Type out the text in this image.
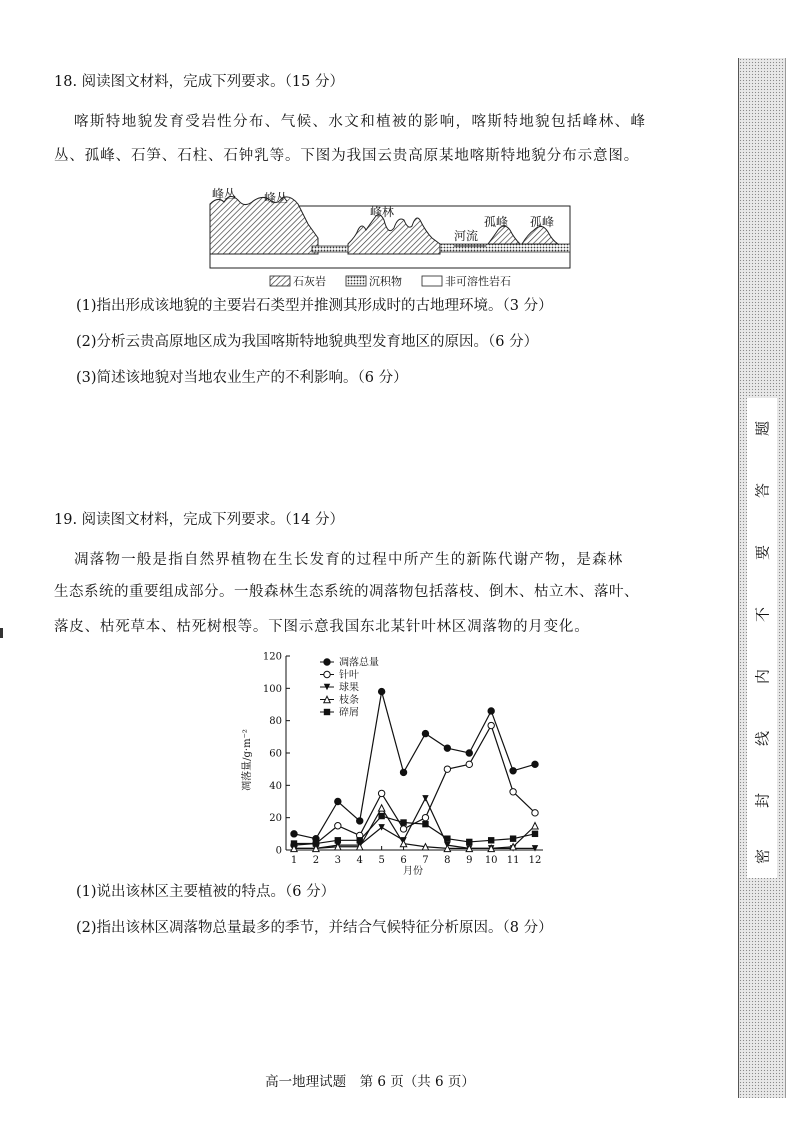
18. 阅读图文材料，完成下列要求。（15 分）
喀斯特地貌发育受岩性分布、气候、水文和植被的影响，喀斯特地貌包括峰林、峰
丛、孤峰、石笋、石柱、石钟乳等。下图为我国云贵高原某地喀斯特地貌分布示意图。
峰丛 峰丛
峰林
河流
孤峰 孤峰
石灰岩	沉积物	非可溶性岩石
(1)指出形成该地貌的主要岩石类型并推测其形成时的古地理环境。（3 分）
(2)分析云贵高原地区成为我国喀斯特地貌典型发育地区的原因。（6 分）
(3)简述该地貌对当地农业生产的不利影响。（6 分）
19. 阅读图文材料，完成下列要求。（14 分）
凋落物一般是指自然界植物在生长发育的过程中所产生的新陈代谢产物，是森林
生态系统的重要组成部分。一般森林生态系统的凋落物包括落枝、倒木、枯立木、落叶、
落皮、枯死草本、枯死树根等。下图示意我国东北某针叶林区凋落物的月变化。
凋落量/g·m⁻²
月份
0
20
40
60
80
100
120
1 2 3 4 5 6 7 8 9 10 11 12
凋落总量
针叶
球果
枝条
碎屑
(1)说出该林区主要植被的特点。（6 分）
(2)指出该林区凋落物总量最多的季节，并结合气候特征分析原因。（8 分）
高一地理试题　第 6 页（共 6 页）
题
答
要
不
内
线
封
密
